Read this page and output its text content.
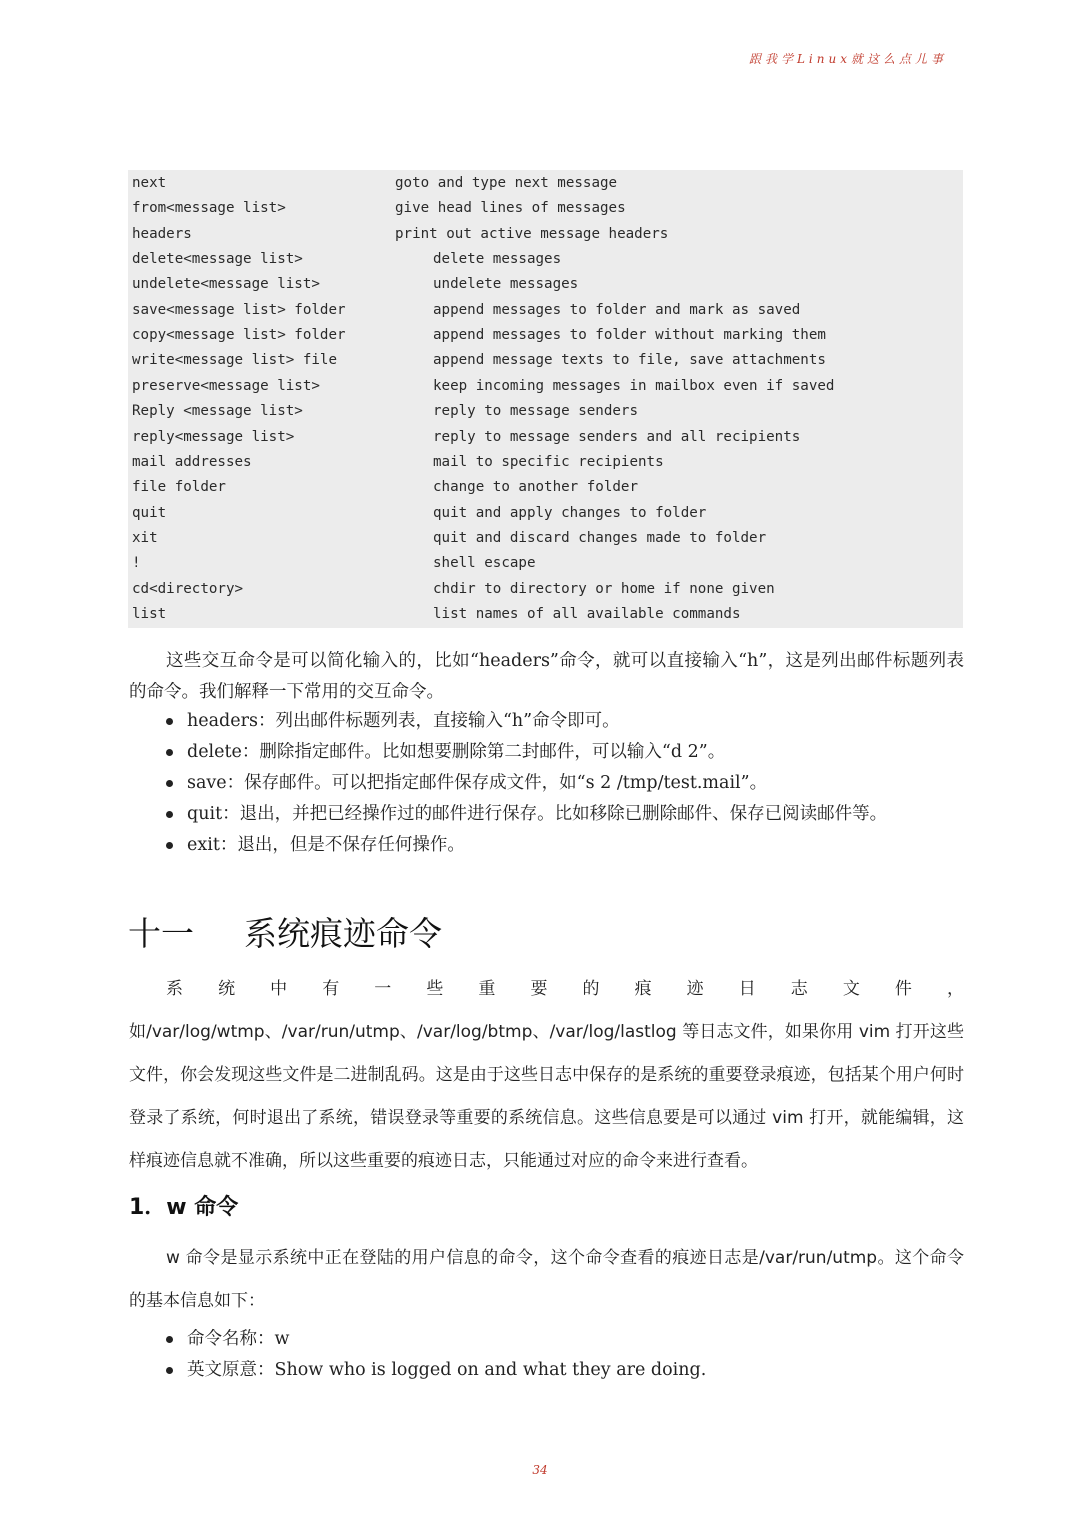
跟我学Linux就这么点儿事
next	goto and type next message
from<message list>	give head lines of messages
headers	print out active message headers
delete<message list>	delete messages
undelete<message list>	undelete messages
save<message list> folder	append messages to folder and mark as saved
copy<message list> folder	append messages to folder without marking them
write<message list> file	append message texts to file, save attachments
preserve<message list>	keep incoming messages in mailbox even if saved
Reply <message list>	reply to message senders
reply<message list>	reply to message senders and all recipients
mail addresses	mail to specific recipients
file folder	change to another folder
quit	quit and apply changes to folder
xit	quit and discard changes made to folder
!	shell escape
cd<directory>	chdir to directory or home if none given
list	list names of all available commands
这些交互命令是可以简化输入的，比如“headers”命令，就可以直接输入“h”，这是列出邮件标题列表的命令。我们解释一下常用的交互命令。
headers：列出邮件标题列表，直接输入“h”命令即可。
delete：删除指定邮件。比如想要删除第二封邮件，可以输入“d 2”。
save：保存邮件。可以把指定邮件保存成文件，如“s 2 /tmp/test.mail”。
quit：退出，并把已经操作过的邮件进行保存。比如移除已删除邮件、保存已阅读邮件等。
exit：退出，但是不保存任何操作。
十一 系统痕迹命令
系统中有一些重要的痕迹日志文件，如/var/log/wtmp、/var/run/utmp、/var/log/btmp、/var/log/lastlog 等日志文件，如果你用 vim 打开这些文件，你会发现这些文件是二进制乱码。这是由于这些日志中保存的是系统的重要登录痕迹，包括某个用户何时登录了系统，何时退出了系统，错误登录等重要的系统信息。这些信息要是可以通过 vim 打开，就能编辑，这样痕迹信息就不准确，所以这些重要的痕迹日志，只能通过对应的命令来进行查看。
1．w 命令
w 命令是显示系统中正在登陆的用户信息的命令，这个命令查看的痕迹日志是/var/run/utmp。这个命令的基本信息如下：
命令名称：w
英文原意：Show who is logged on and what they are doing.
34
